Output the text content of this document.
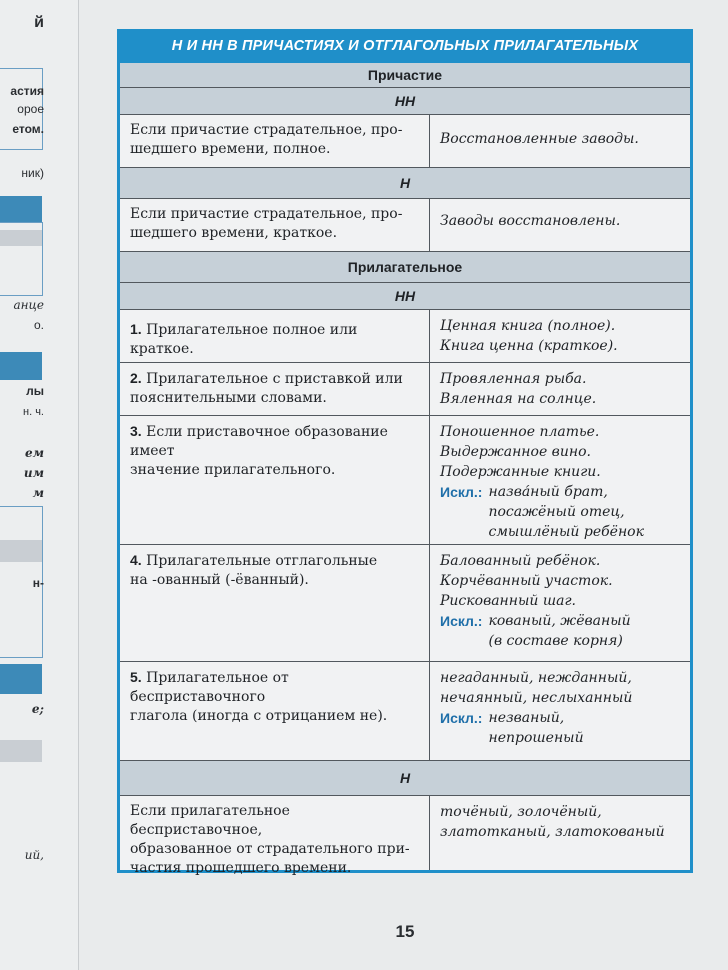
й
астия
орое
етом.
ник)
анце
о.
лы
н. ч.
ем
им
м
н-
е;
ий,
Н И НН В ПРИЧАСТИЯХ И ОТГЛАГОЛЬНЫХ ПРИЛАГАТЕЛЬНЫХ
Причастие
НН
Если причастие страдательное, про-
шедшего времени, полное.
Восстановленные заводы.
Н
Если причастие страдательное, про-
шедшего времени, краткое.
Заводы восстановлены.
Прилагательное
НН
1. Прилагательное полное или краткое.
Ценная книга (полное).
Книга ценна (краткое).
2. Прилагательное с приставкой или
пояснительными словами.
Провяленная рыба.
Вяленная на солнце.
3. Если приставочное образование имеет
значение прилагательного.
Поношенное платье.
Выдержанное вино.
Подержанные книги.
Искл.: назва́ный брат,
посажёный отец,
смышлёный ребёнок
4. Прилагательные отглагольные
на -ованный (-ёванный).
Балованный ребёнок.
Корчёванный участок.
Рискованный шаг.
Искл.: кованый, жёваный
(в составе корня)
5. Прилагательное от бесприставочного
глагола (иногда с отрицанием не).
негаданный, нежданный,
нечаянный, неслыханный
Искл.: незваный,
непрошеный
Н
Если прилагательное бесприставочное,
образованное от страдательного при-
частия прошедшего времени.
точёный, золочёный,
златотканый, златокованый
15
